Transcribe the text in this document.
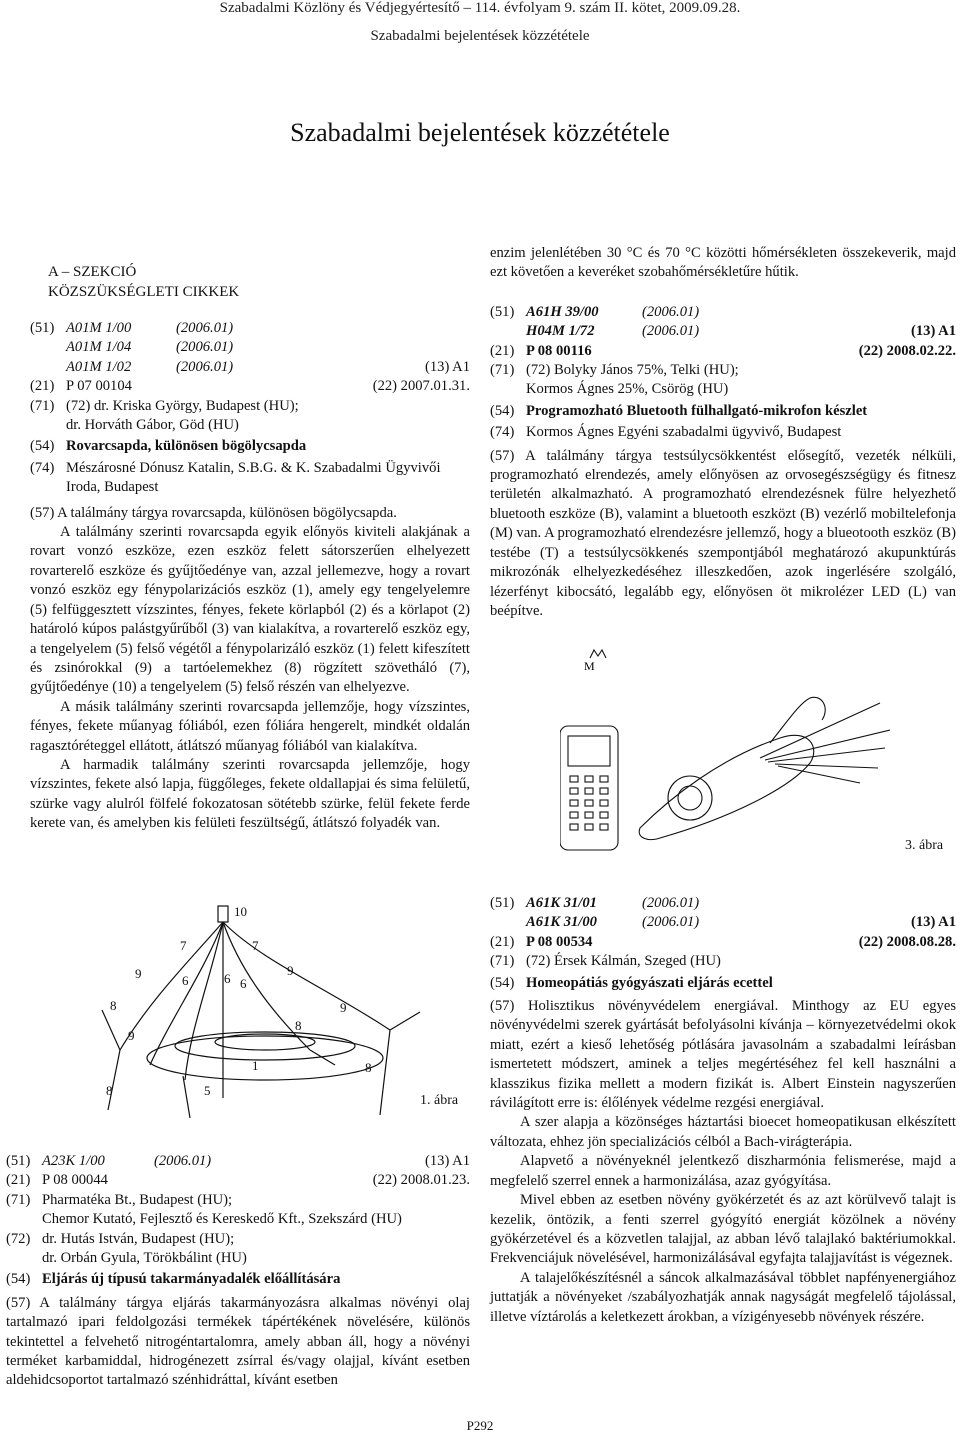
Szabadalmi Közlöny és Védjegyértesítő – 114. évfolyam 9. szám II. kötet, 2009.09.28.
Szabadalmi bejelentések közzététele
Szabadalmi bejelentések közzététele
A – SZEKCIÓ
KÖZSZÜKSÉGLETI CIKKEK
(51) A01M 1/00	(2006.01)
A01M 1/04	(2006.01)
A01M 1/02	(2006.01)	(13) A1
(21) P 07 00104	(22) 2007.01.31.
(71) (72) dr. Kriska György, Budapest (HU);
dr. Horváth Gábor, Göd (HU)
(54) Rovarcsapda, különösen bögölycsapda
(74) Mészárosné Dónusz Katalin, S.B.G. & K. Szabadalmi Ügyvivői
Iroda, Budapest

(57) A találmány tárgya rovarcsapda, különösen bögölycsapda.

A találmány szerinti rovarcsapda egyik előnyös kiviteli alakjának a rovart vonzó eszköze, ezen eszköz felett sátorszerűen elhelyezett rovarterelő eszköze és gyűjtőedénye van, azzal jellemezve, hogy a rovart vonzó eszköz egy fénypolarizációs eszköz (1), amely egy tengelyelemre (5) felfüggesztett vízszintes, fényes, fekete körlapból (2) és a körlapot (2) határoló kúpos palástgyűrűből (3) van kialakítva, a rovarterelő eszköz egy, a tengelyelem (5) felső végétől a fénypolarizáló eszköz (1) felett kifeszített és zsinórokkal (9) a tartóelemekhez (8) rögzített szövetháló (7), gyűjtőedénye (10) a tengelyelem (5) felső részén van elhelyezve.

A másik találmány szerinti rovarcsapda jellemzője, hogy vízszintes, fényes, fekete műanyag fóliából, ezen fóliára hengerelt, mindkét oldalán ragasztóréteggel ellátott, átlátszó műanyag fóliából van kialakítva.

A harmadik találmány szerinti rovarcsapda jellemzője, hogy vízszintes, fekete alsó lapja, függőleges, fekete oldallapjai és sima felületű, szürke vagy alulról fölfelé fokozatosan sötétebb szürke, felül fekete ferde kerete van, és amelyben kis felületi feszültségű, átlátszó folyadék van.

10
7	7
9	9
6	6 6
8	9
8
9
1	8
8	5
1. ábra
(51) A23K 1/00	(2006.01)	(13) A1
(21) P 08 00044	(22) 2008.01.23.
(71) Pharmatéka Bt., Budapest (HU);
Chemor Kutató, Fejlesztő és Kereskedő Kft., Szekszárd (HU)
(72) dr. Hutás István, Budapest (HU);
dr. Orbán Gyula, Törökbálint (HU)
(54) Eljárás új típusú takarmányadalék előállítására

(57) A találmány tárgya eljárás takarmányozásra alkalmas növényi olaj tartalmazó ipari feldolgozási termékek tápértékének növelésére, különös tekintettel a felvehető nitrogéntartalomra, amely abban áll, hogy a növényi terméket karbamiddal, hidrogénezett zsírral és/vagy olajjal, kívánt esetben aldehidcsoportot tartalmazó szénhidráttal, kívánt esetben

enzim jelenlétében 30 °C és 70 °C közötti hőmérsékleten összekeverik, majd ezt követően a keveréket szobahőmérsékletűre hűtik.

(51) A61H 39/00	(2006.01)
H04M 1/72	(2006.01)	(13) A1
(21) P 08 00116	(22) 2008.02.22.
(71) (72) Bolyky János 75%, Telki (HU);
Kormos Ágnes 25%, Csörög (HU)
(54) Programozható Bluetooth fülhallgató-mikrofon készlet
(74) Kormos Ágnes Egyéni szabadalmi ügyvivő, Budapest

(57) A találmány tárgya testsúlycsökkentést elősegítő, vezeték nélküli, programozható elrendezés, amely előnyösen az orvosegészségügy és fitnesz területén alkalmazható. A programozható elrendezésnek fülre helyezhető bluetooth eszköze (B), valamint a bluetooth eszközt (B) vezérlő mobiltelefonja (M) van. A programozható elrendezésre jellemző, hogy a blueotooth eszköz (B) testébe (T) a testsúlycsökkenés szempontjából meghatározó akupunktúrás mikrozónák elhelyezkedéséhez illeszkedően, azok ingerlésére szolgáló, lézerfényt kibocsátó, legalább egy, előnyösen öt mikrolézer LED (L) van beépítve.

M
3. ábra
(51) A61K 31/01	(2006.01)
A61K 31/00	(2006.01)	(13) A1
(21) P 08 00534	(22) 2008.08.28.
(71) (72) Érsek Kálmán, Szeged (HU)
(54) Homeopátiás gyógyászati eljárás ecettel

(57) Holisztikus növényvédelem energiával. Minthogy az EU egyes növényvédelmi szerek gyártását befolyásolni kívánja – környezetvédelmi okok miatt, ezért a kieső lehetőség pótlására javasolnám a szabadalmi leírásban ismertetett módszert, aminek a teljes megértéséhez fel kell használni a klasszikus fizika mellett a modern fizikát is. Albert Einstein nagyszerűen rávilágított erre is: élőlények védelme rezgési energiával.

A szer alapja a közönséges háztartási bioecet homeopatikusan elkészített változata, ehhez jön specializációs célból a Bach-virágterápia.

Alapvető a növényeknél jelentkező diszharmónia felismerése, majd a megfelelő szerrel ennek a harmonizálása, azaz gyógyítása.

Mivel ebben az esetben növény gyökérzetét és az azt körülvevő talajt is kezelik, öntözik, a fenti szerrel gyógyító energiát közölnek a növény gyökérzetével és a közvetlen talajjal, az abban lévő talajlakó baktériumokkal. Frekvenciájuk növelésével, harmonizálásával egyfajta talajjavítást is végeznek.

A talajelőkészítésnél a sáncok alkalmazásával többlet napfényenergiához juttatják a növényeket /szabályozhatják annak nagyságát megfelelő tájolással, illetve víztárolás a keletkezett árokban, a vízigényesebb növények részére.

P292
